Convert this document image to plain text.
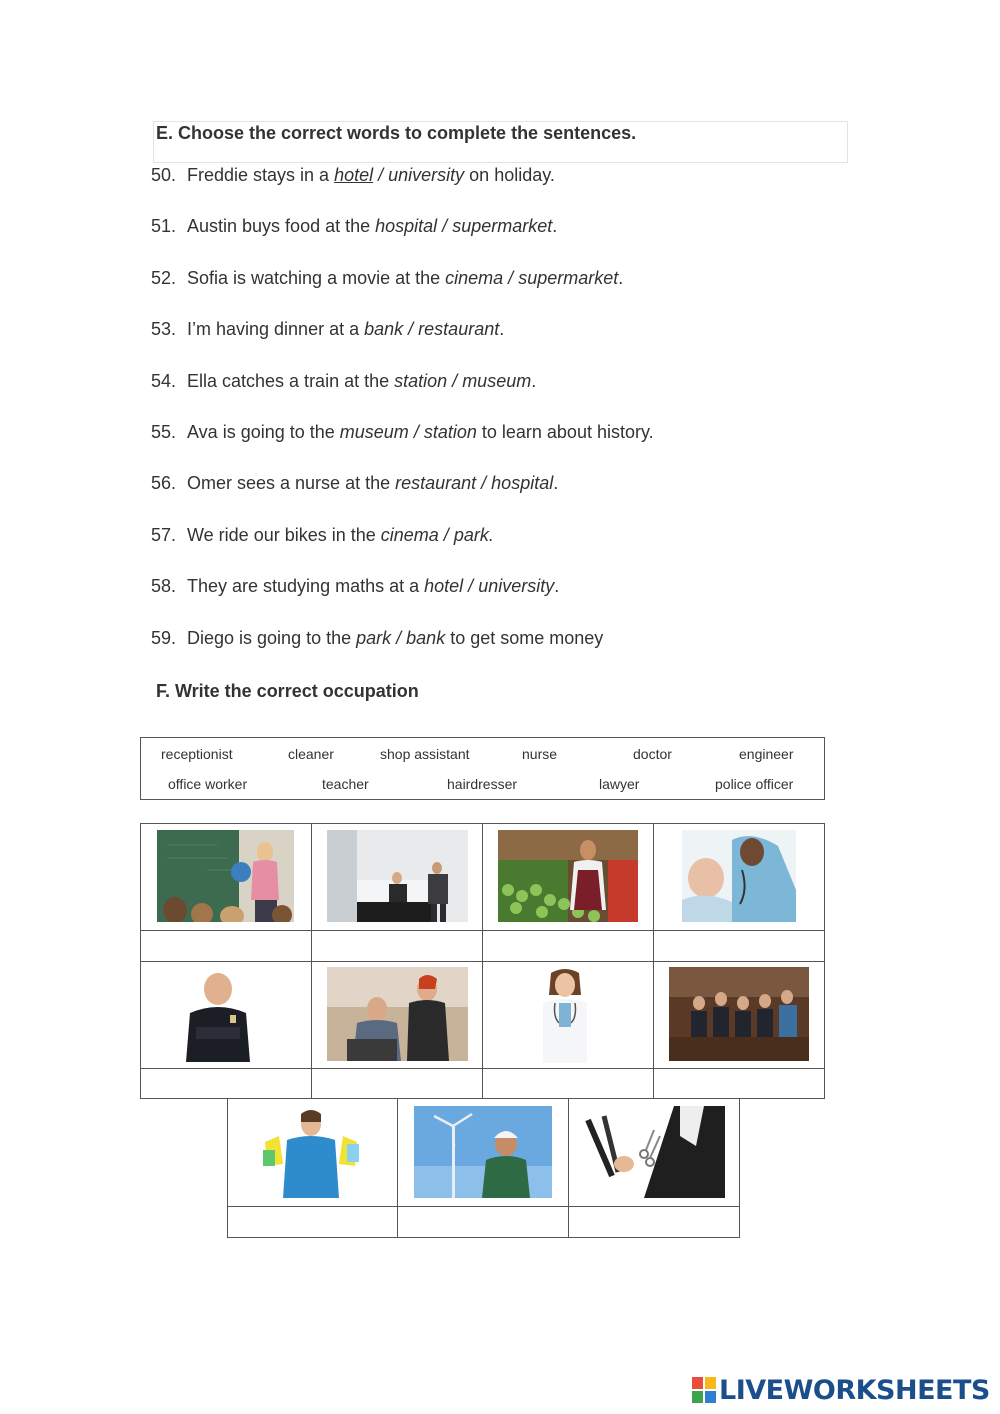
E. Choose the correct words to complete the sentences.
50. Freddie stays in a hotel / university on holiday.
51. Austin buys food at the hospital / supermarket.
52. Sofia is watching a movie at the cinema / supermarket.
53. I’m having dinner at a bank / restaurant.
54. Ella catches a train at the station / museum.
55. Ava is going to the museum / station to learn about history.
56. Omer sees a nurse at the restaurant / hospital.
57. We ride our bikes in the cinema / park.
58. They are studying maths at a hotel / university.
59. Diego is going to the park / bank to get some money
F. Write the correct occupation
receptionist	cleaner	shop assistant	nurse	doctor	engineer
office worker	teacher	hairdresser	lawyer	police officer
LIVEWORKSHEETS
